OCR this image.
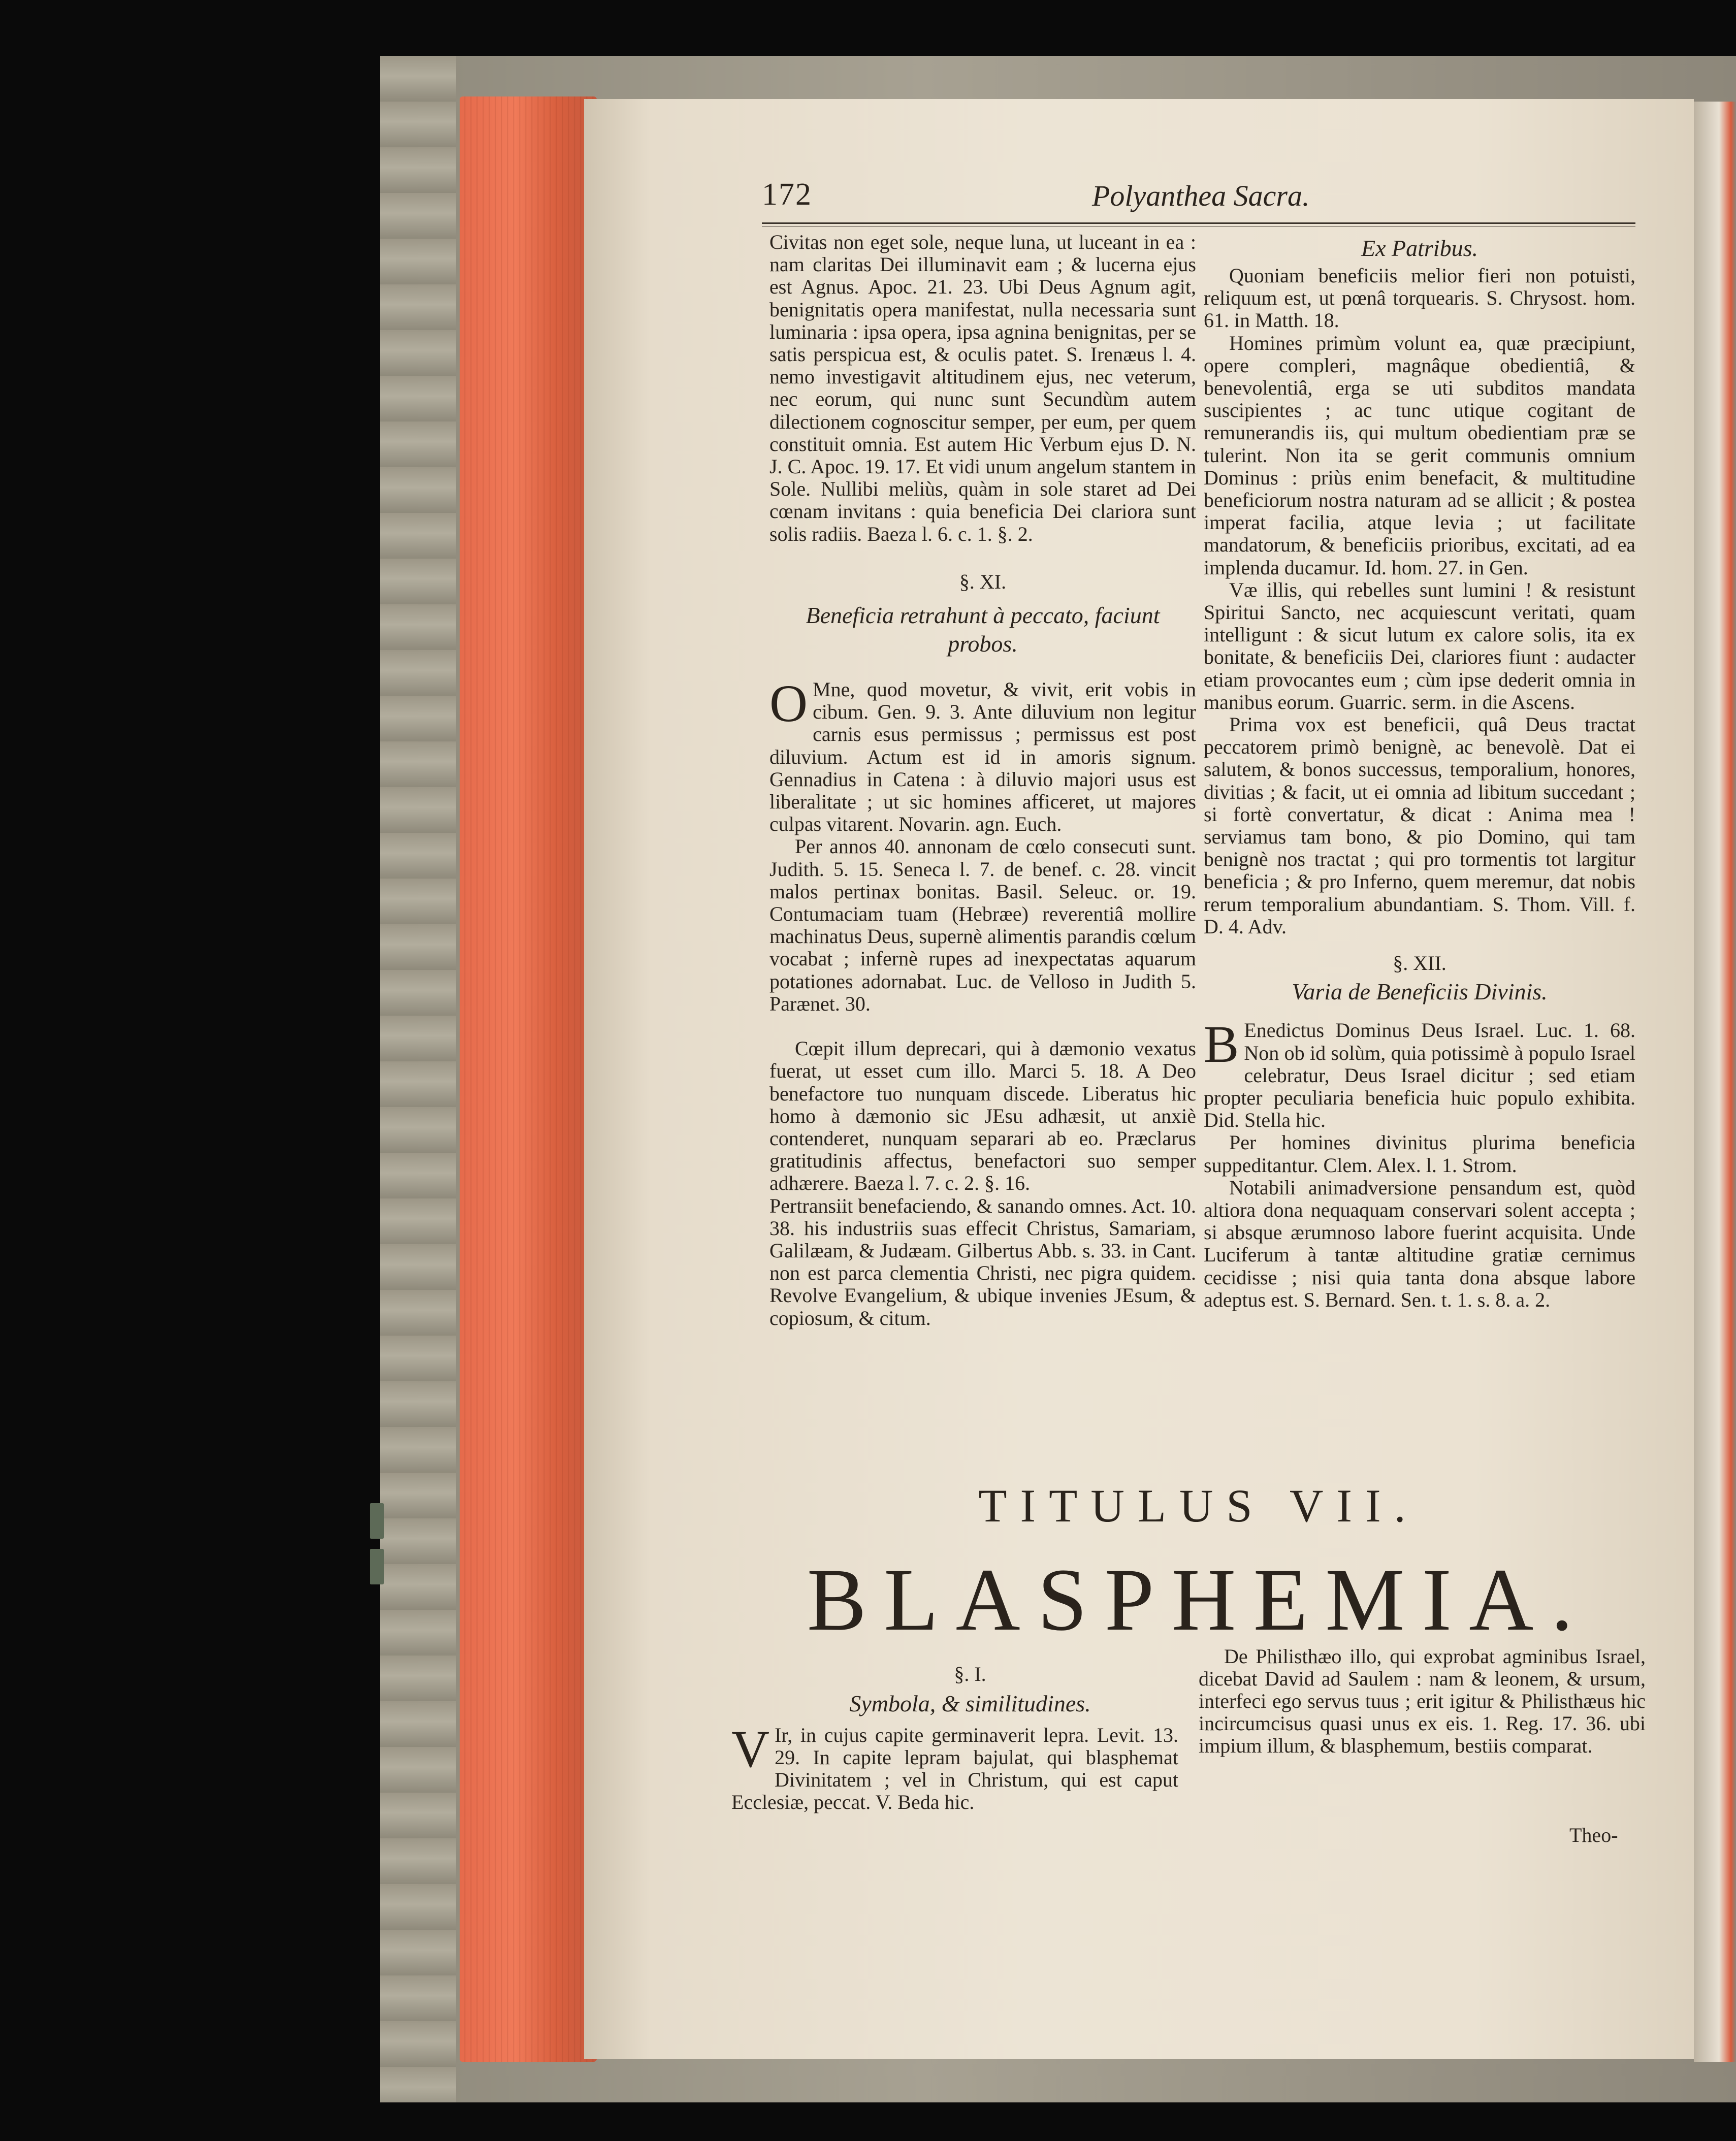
172	Polyanthea Sacra.

Civitas non eget sole, neque luna, ut luceant in ea : nam claritas Dei illuminavit eam ; & lucerna ejus est Agnus. Apoc. 21. 23. Ubi Deus Agnum agit, benignitatis opera manifestat, nulla necessaria sunt luminaria : ipsa opera, ipsa agnina benignitas, per se satis perspicua est, & oculis patet. S. Irenæus l. 4. nemo investigavit altitudinem ejus, nec veterum, nec eorum, qui nunc sunt Secundùm autem dilectionem cognoscitur semper, per eum, per quem constituit omnia. Est autem Hic Verbum ejus D. N. J. C. Apoc. 19. 17. Et vidi unum angelum stantem in Sole. Nullibi meliùs, quàm in sole staret ad Dei cœnam invitans : quia beneficia Dei clariora sunt solis radiis. Baeza l. 6. c. 1. §. 2.

§. XI.

Beneficia retrahunt à peccato, faciunt probos.

O Mne, quod movetur, & vivit, erit vobis in cibum. Gen. 9. 3. Ante diluvium non legitur carnis esus permissus ; permissus est post diluvium. Actum est id in amoris signum. Gennadius in Catena : à diluvio majori usus est liberalitate ; ut sic homines afficeret, ut majores culpas vitarent. Novarin. agn. Euch.

Per annos 40. annonam de cœlo consecuti sunt. Judith. 5. 15. Seneca l. 7. de benef. c. 28. vincit malos pertinax bonitas. Basil. Seleuc. or. 19. Contumaciam tuam (Hebræe) reverentiâ mollire machinatus Deus, supernè alimentis parandis cœlum vocabat ; infernè rupes ad inexpectatas aquarum potationes adornabat. Luc. de Velloso in Judith 5. Parænet. 30.

Cœpit illum deprecari, qui à dæmonio vexatus fuerat, ut esset cum illo. Marci 5. 18. A Deo benefactore tuo nunquam discede. Liberatus hic homo à dæmonio sic JEsu adhæsit, ut anxiè contenderet, nunquam separari ab eo. Præclarus gratitudinis affectus, benefactori suo semper adhærere. Baeza l. 7. c. 2. §. 16.

Pertransiit benefaciendo, & sanando omnes. Act. 10. 38. his industriis suas effecit Christus, Samariam, Galilæam, & Judæam. Gilbertus Abb. s. 33. in Cant. non est parca clementia Christi, nec pigra quidem. Revolve Evangelium, & ubique invenies JEsum, & copiosum, & citum.

Ex Patribus.

Quoniam beneficiis melior fieri non potuisti, reliquum est, ut pœnâ torquearis. S. Chrysost. hom. 61. in Matth. 18.

Homines primùm volunt ea, quæ præcipiunt, opere compleri, magnâque obedientiâ, & benevolentiâ, erga se uti subditos mandata suscipientes ; ac tunc utique cogitant de remunerandis iis, qui multum obedientiam præ se tulerint. Non ita se gerit communis omnium Dominus : priùs enim benefacit, & multitudine beneficiorum nostra naturam ad se allicit ; & postea imperat facilia, atque levia ; ut facilitate mandatorum, & beneficiis prioribus, excitati, ad ea implenda ducamur. Id. hom. 27. in Gen.

Væ illis, qui rebelles sunt lumini ! & resistunt Spiritui Sancto, nec acquiescunt veritati, quam intelligunt : & sicut lutum ex calore solis, ita ex bonitate, & beneficiis Dei, clariores fiunt : audacter etiam provocantes eum ; cùm ipse dederit omnia in manibus eorum. Guarric. serm. in die Ascens.

Prima vox est beneficii, quâ Deus tractat peccatorem primò benignè, ac benevolè. Dat ei salutem, & bonos successus, temporalium, honores, divitias ; & facit, ut ei omnia ad libitum succedant ; si fortè convertatur, & dicat : Anima mea ! serviamus tam bono, & pio Domino, qui tam benignè nos tractat ; qui pro tormentis tot largitur beneficia ; & pro Inferno, quem meremur, dat nobis rerum temporalium abundantiam. S. Thom. Vill. f. D. 4. Adv.

§. XII.

Varia de Beneficiis Divinis.

B Enedictus Dominus Deus Israel. Luc. 1. 68. Non ob id solùm, quia potissimè à populo Israel celebratur, Deus Israel dicitur ; sed etiam propter peculiaria beneficia huic populo exhibita. Did. Stella hic.

Per homines divinitus plurima beneficia suppeditantur. Clem. Alex. l. 1. Strom.

Notabili animadversione pensandum est, quòd altiora dona nequaquam conservari solent accepta ; si absque ærumnoso labore fuerint acquisita. Unde Luciferum à tantæ altitudine gratiæ cernimus cecidisse ; nisi quia tanta dona absque labore adeptus est. S. Bernard. Sen. t. 1. s. 8. a. 2.

TITULUS VII.
BLASPHEMIA.

§. I.

Symbola, & similitudines.

V Ir, in cujus capite germinaverit lepra. Levit. 13. 29. In capite lepram bajulat, qui blasphemat Divinitatem ; vel in Christum, qui est caput Ecclesiæ, peccat. V. Beda hic.

De Philisthæo illo, qui exprobat agminibus Israel, dicebat David ad Saulem : nam & leonem, & ursum, interfeci ego servus tuus ; erit igitur & Philisthæus hic incircumcisus quasi unus ex eis. 1. Reg. 17. 36. ubi impium illum, & blasphemum, bestiis comparat.

Theo-
